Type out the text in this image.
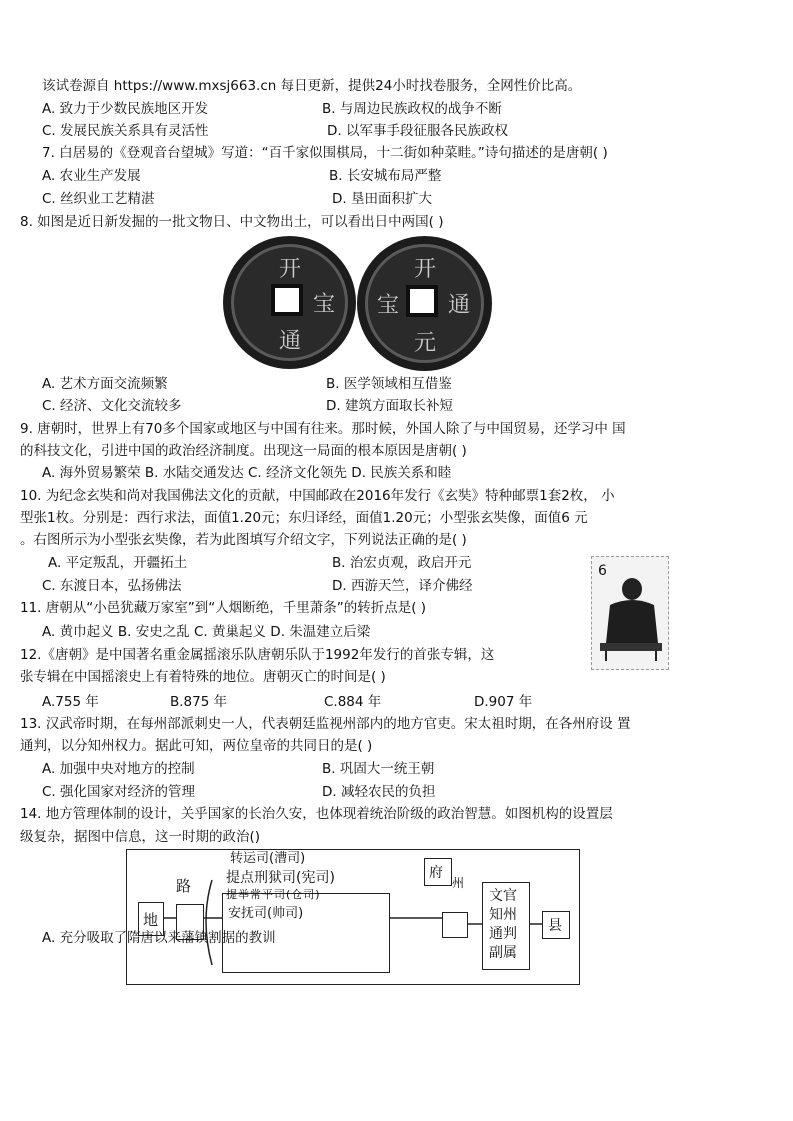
该试卷源自 https://www.mxsj663.cn 每日更新，提供24小时找卷服务，全网性价比高。
A. 致力于少数民族地区开发	B. 与周边民族政权的战争不断
C. 发展民族关系具有灵活性	D. 以军事手段征服各民族政权
7. 白居易的《登观音台望城》写道：“百千家似围棋局，十二街如种菜畦。”诗句描述的是唐朝( )
A. 农业生产发展	B. 长安城布局严整
C. 丝织业工艺精湛	D. 垦田面积扩大
8. 如图是近日新发掘的一批文物日、中文物出土，可以看出日中两国( )
开
宝
通
开
通
元
宝
A. 艺术方面交流频繁	B. 医学领域相互借鉴
C. 经济、文化交流较多	D. 建筑方面取长补短
9. 唐朝时，世界上有70多个国家或地区与中国有往来。那时候，外国人除了与中国贸易，还学习中 国
的科技文化，引进中国的政治经济制度。出现这一局面的根本原因是唐朝( )
A. 海外贸易繁荣 B. 水陆交通发达 C. 经济文化领先 D. 民族关系和睦
10. 为纪念玄奘和尚对我国佛法文化的贡献，中国邮政在2016年发行《玄奘》特种邮票1套2枚， 小
型张1枚。分别是：西行求法，面值1.20元；东归译经，面值1.20元；小型张玄奘像，面值6 元
。右图所示为小型张玄奘像，若为此图填写介绍文字，下列说法正确的是( )
A. 平定叛乱，开疆拓土	B. 治宏贞观，政启开元
C. 东渡日本，弘扬佛法	D. 西游天竺，译介佛经
6
11. 唐朝从“小邑犹藏万家室”到“人烟断绝，千里萧条”的转折点是( )
A. 黄巾起义 B. 安史之乱 C. 黄巢起义 D. 朱温建立后梁
12.《唐朝》是中国著名重金属摇滚乐队唐朝乐队于1992年发行的首张专辑，这
张专辑在中国摇滚史上有着特殊的地位。唐朝灭亡的时间是( )
A.755 年	B.875 年	C.884 年	D.907 年
13. 汉武帝时期，在每州部派刺史一人，代表朝廷监视州部内的地方官吏。宋太祖时期，在各州府设 置
通判，以分知州权力。据此可知，两位皇帝的共同日的是( )
A. 加强中央对地方的控制	B. 巩固大一统王朝
C. 强化国家对经济的管理	D. 减轻农民的负担
14. 地方管理体制的设计，关乎国家的长治久安，也体现着统治阶级的政治智慧。如图机构的设置层
级复杂，据图中信息，这一时期的政治()
地
路
转运司(漕司)
提点刑狱司(宪司)
提举常平司(仓司)
安抚司(帅司)
府
州
文官知州通判副属
县
A. 充分吸取了隋唐以来藩镇割据的教训
